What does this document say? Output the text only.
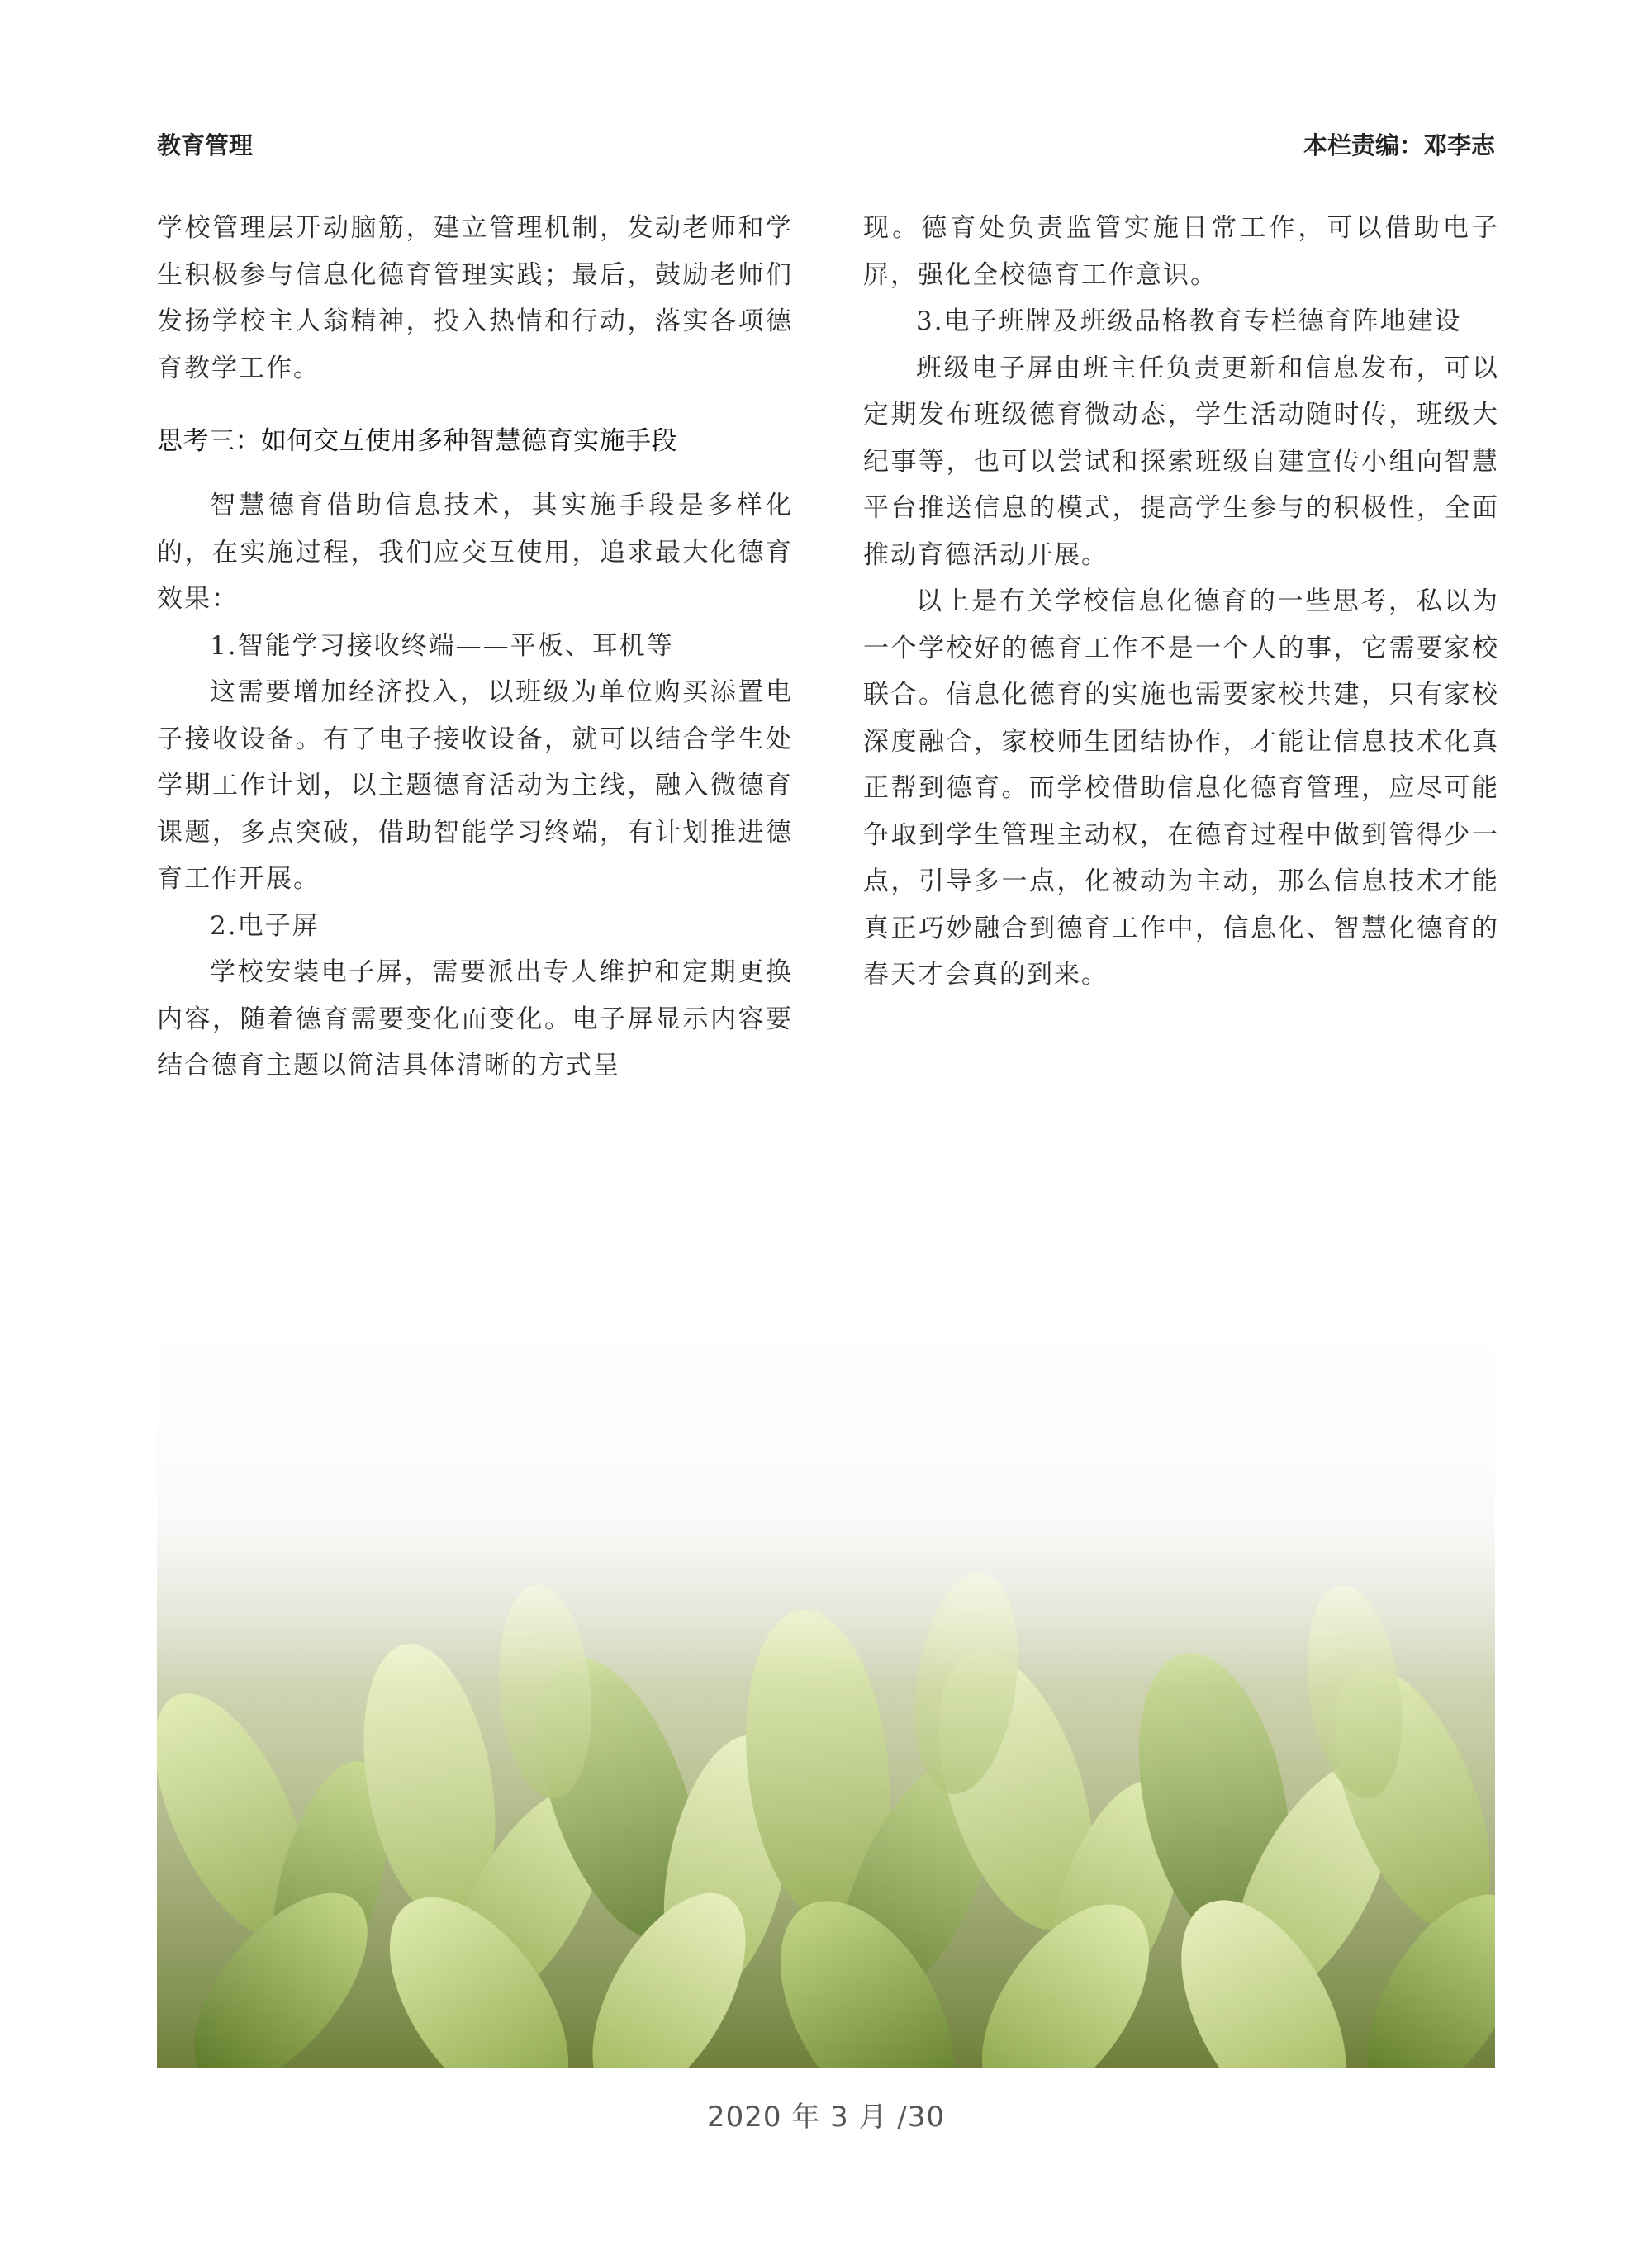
教育管理	本栏责编：邓李志

学校管理层开动脑筋，建立管理机制，发动老师和学生积极参与信息化德育管理实践；最后，鼓励老师们发扬学校主人翁精神，投入热情和行动，落实各项德育教学工作。

思考三：如何交互使用多种智慧德育实施手段

智慧德育借助信息技术，其实施手段是多样化的，在实施过程，我们应交互使用，追求最大化德育效果：

1.智能学习接收终端——平板、耳机等

这需要增加经济投入，以班级为单位购买添置电子接收设备。有了电子接收设备，就可以结合学生处学期工作计划，以主题德育活动为主线，融入微德育课题，多点突破，借助智能学习终端，有计划推进德育工作开展。

2.电子屏

学校安装电子屏，需要派出专人维护和定期更换内容，随着德育需要变化而变化。电子屏显示内容要结合德育主题以简洁具体清晰的方式呈

现。德育处负责监管实施日常工作，可以借助电子屏，强化全校德育工作意识。

3.电子班牌及班级品格教育专栏德育阵地建设

班级电子屏由班主任负责更新和信息发布，可以定期发布班级德育微动态，学生活动随时传，班级大纪事等，也可以尝试和探索班级自建宣传小组向智慧平台推送信息的模式，提高学生参与的积极性，全面推动育德活动开展。

以上是有关学校信息化德育的一些思考，私以为一个学校好的德育工作不是一个人的事，它需要家校联合。信息化德育的实施也需要家校共建，只有家校深度融合，家校师生团结协作，才能让信息技术化真正帮到德育。而学校借助信息化德育管理，应尽可能争取到学生管理主动权，在德育过程中做到管得少一点，引导多一点，化被动为主动，那么信息技术才能真正巧妙融合到德育工作中，信息化、智慧化德育的春天才会真的到来。

2020 年 3 月 /30
